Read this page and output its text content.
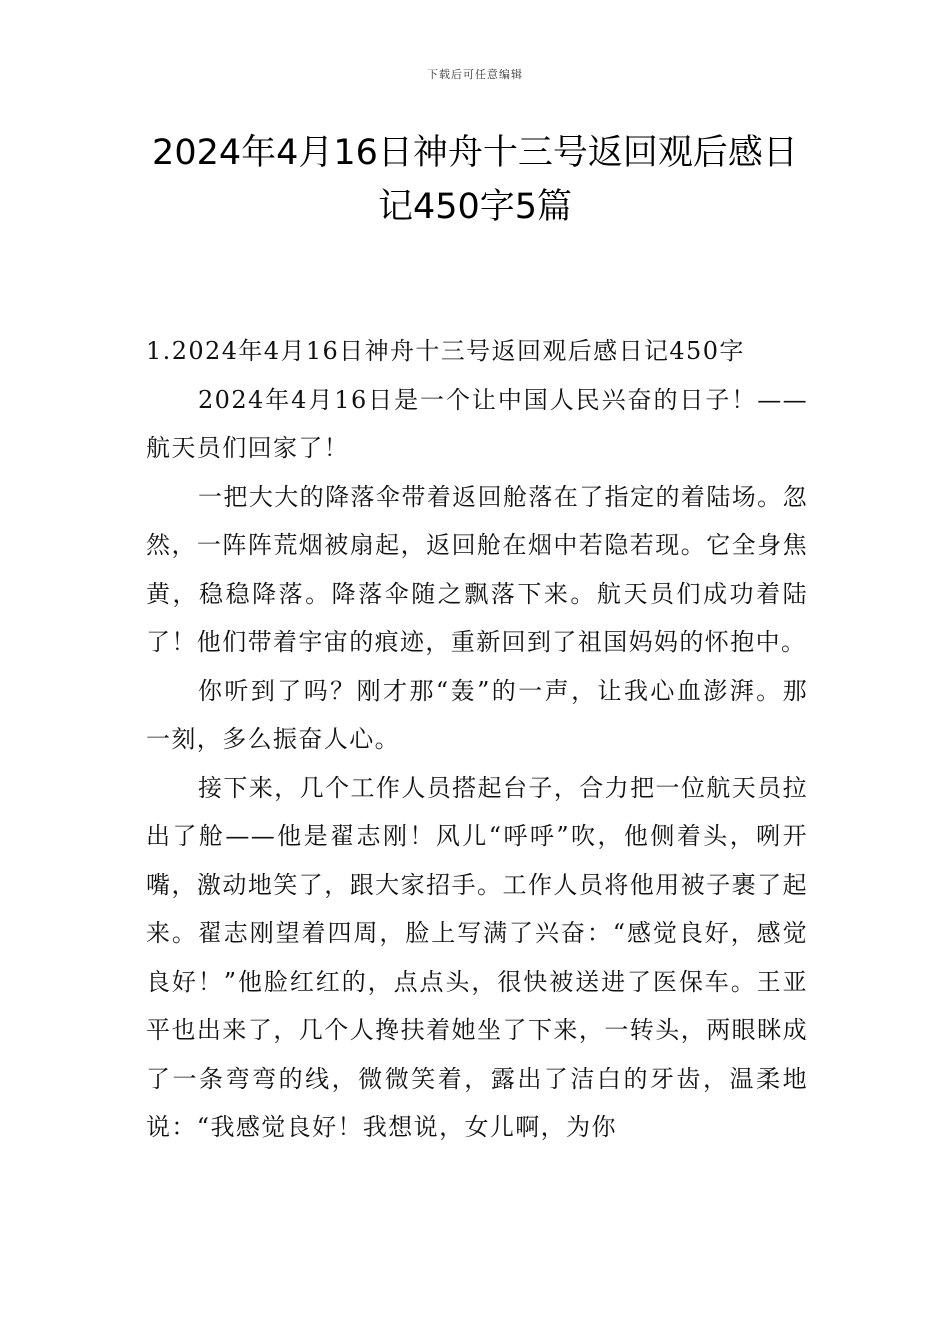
下载后可任意编辑
2024年4月16日神舟十三号返回观后感日记450字5篇

1.2024年4月16日神舟十三号返回观后感日记450字

2024年4月16日是一个让中国人民兴奋的日子！——航天员们回家了！

一把大大的降落伞带着返回舱落在了指定的着陆场。忽然，一阵阵荒烟被扇起，返回舱在烟中若隐若现。它全身焦黄，稳稳降落。降落伞随之飘落下来。航天员们成功着陆了！他们带着宇宙的痕迹，重新回到了祖国妈妈的怀抱中。

你听到了吗？刚才那“轰”的一声，让我心血澎湃。那一刻，多么振奋人心。

接下来，几个工作人员搭起台子，合力把一位航天员拉出了舱——他是翟志刚！风儿“呼呼”吹，他侧着头，咧开嘴，激动地笑了，跟大家招手。工作人员将他用被子裹了起来。翟志刚望着四周，脸上写满了兴奋：“感觉良好，感觉良好！”他脸红红的，点点头，很快被送进了医保车。王亚平也出来了，几个人搀扶着她坐了下来，一转头，两眼眯成了一条弯弯的线，微微笑着，露出了洁白的牙齿，温柔地说：“我感觉良好！我想说，女儿啊，为你
